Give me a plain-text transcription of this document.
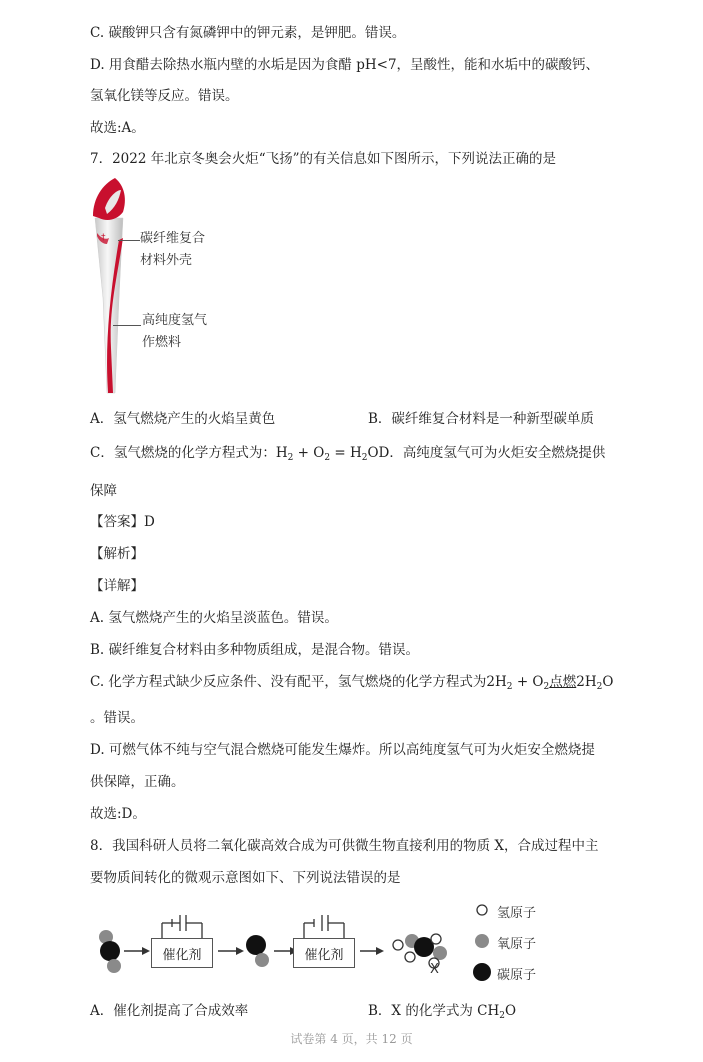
C. 碳酸钾只含有氮磷钾中的钾元素，是钾肥。错误。
D. 用食醋去除热水瓶内壁的水垢是因为食醋 pH<7，呈酸性，能和水垢中的碳酸钙、
氢氧化镁等反应。错误。
故选:A。
7．2022 年北京冬奥会火炬“飞扬”的有关信息如下图所示，下列说法正确的是
†	碳纤维复合
材料外壳
高纯度氢气
作燃料
A．氢气燃烧产生的火焰呈黄色	B．碳纤维复合材料是一种新型碳单质
C．氢气燃烧的化学方程式为：$H_2 + O_2 = H_2OD$．高纯度氢气可为火炬安全燃烧提供
保障
【答案】D
【解析】
【详解】
A. 氢气燃烧产生的火焰呈淡蓝色。错误。
B. 碳纤维复合材料由多种物质组成，是混合物。错误。
C. 化学方程式缺少反应条件、没有配平，氢气燃烧的化学方程式为$2H_2 + O_2$点燃$2H_2O$
。错误。
D. 可燃气体不纯与空气混合燃烧可能发生爆炸。所以高纯度氢气可为火炬安全燃烧提
供保障，正确。
故选:D。
8．我国科研人员将二氧化碳高效合成为可供微生物直接利用的物质 X，合成过程中主
要物质间转化的微观示意图如下、下列说法错误的是
催化剂	催化剂
X
氢原子
氧原子
碳原子
A．催化剂提高了合成效率	B．X 的化学式为 $CH_2O$
试卷第 4 页，共 12 页
